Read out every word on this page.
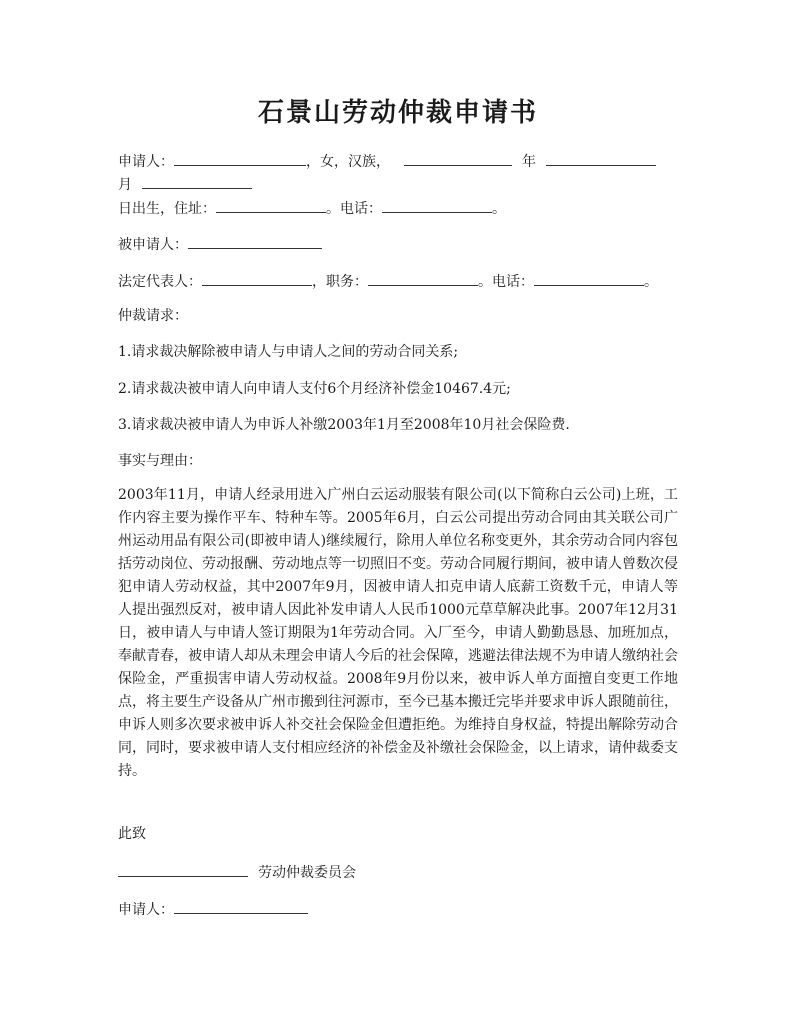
石景山劳动仲裁申请书
申请人：	，女，汉族，	年
月
日出生，住址：	。电话：	。
被申请人：
法定代表人：	，职务：	。电话：	。
仲裁请求：
1.请求裁决解除被申请人与申请人之间的劳动合同关系;
2.请求裁决被申请人向申请人支付6个月经济补偿金10467.4元;
3.请求裁决被申请人为申诉人补缴2003年1月至2008年10月社会保险费.
事实与理由：
2003年11月，申请人经录用进入广州白云运动服装有限公司(以下简称白云公司)上班，工作内容主要为操作平车、特种车等。2005年6月，白云公司提出劳动合同由其关联公司广州运动用品有限公司(即被申请人)继续履行，除用人单位名称变更外，其余劳动合同内容包括劳动岗位、劳动报酬、劳动地点等一切照旧不变。劳动合同履行期间，被申请人曾数次侵犯申请人劳动权益，其中2007年9月，因被申请人扣克申请人底薪工资数千元，申请人等人提出强烈反对，被申请人因此补发申请人人民币1000元草草解决此事。2007年12月31日，被申请人与申请人签订期限为1年劳动合同。入厂至今，申请人勤勤恳恳、加班加点，奉献青春，被申请人却从未理会申请人今后的社会保障，逃避法律法规不为申请人缴纳社会保险金，严重损害申请人劳动权益。2008年9月份以来，被申诉人单方面擅自变更工作地点，将主要生产设备从广州市搬到往河源市，至今已基本搬迁完毕并要求申诉人跟随前往，申诉人则多次要求被申诉人补交社会保险金但遭拒绝。为维持自身权益，特提出解除劳动合同，同时，要求被申请人支付相应经济的补偿金及补缴社会保险金，以上请求，请仲裁委支持。
此致
劳动仲裁委员会
申请人：
